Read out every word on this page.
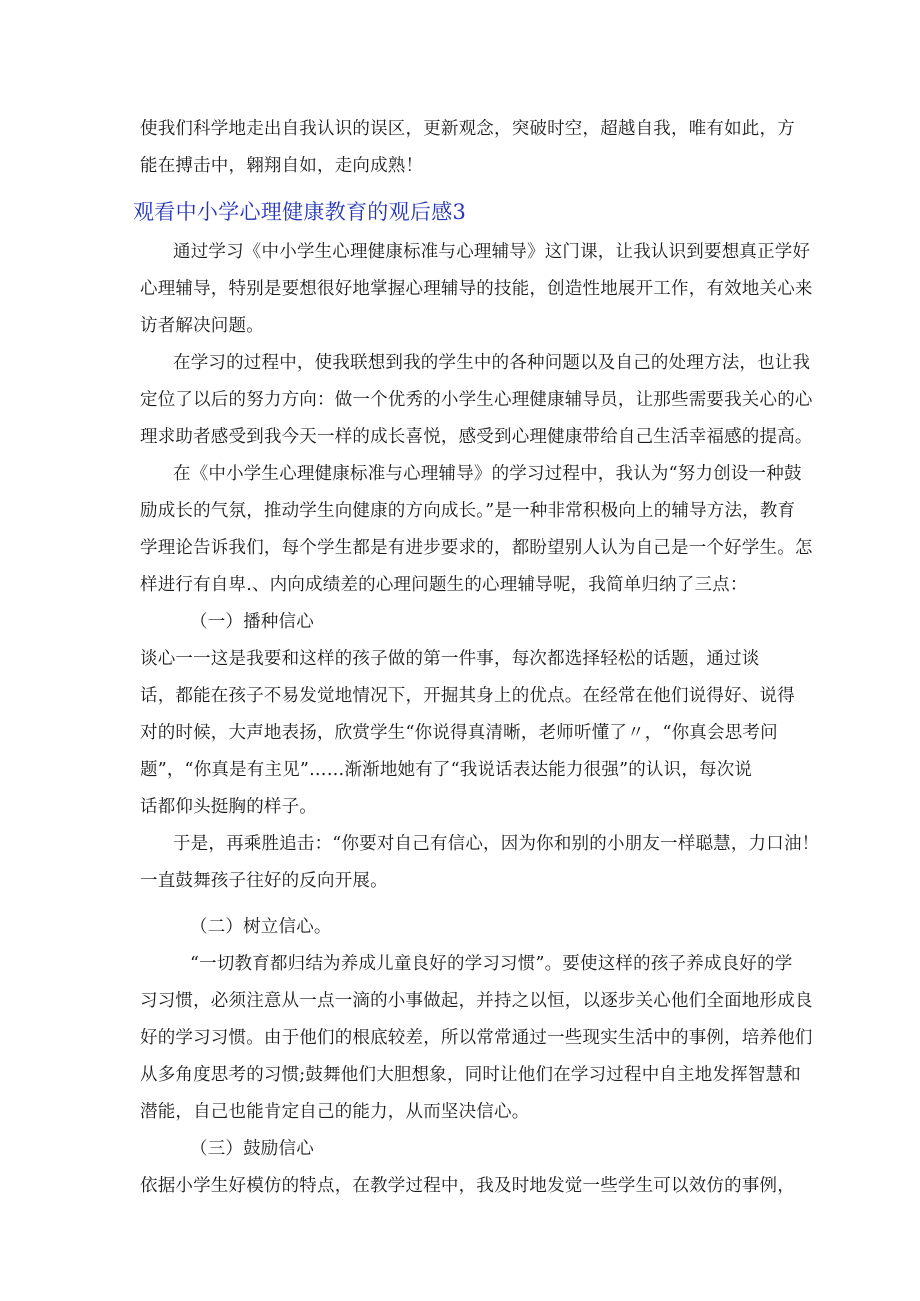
使我们科学地走出自我认识的误区，更新观念，突破时空，超越自我，唯有如此，方
能在搏击中，翱翔自如，走向成熟！
观看中小学心理健康教育的观后感3
通过学习《中小学生心理健康标准与心理辅导》这门课，让我认识到要想真正学好
心理辅导，特别是要想很好地掌握心理辅导的技能，创造性地展开工作，有效地关心来
访者解决问题。
在学习的过程中，使我联想到我的学生中的各种问题以及自己的处理方法，也让我
定位了以后的努力方向：做一个优秀的小学生心理健康辅导员，让那些需要我关心的心
理求助者感受到我今天一样的成长喜悦，感受到心理健康带给自己生活幸福感的提高。
在《中小学生心理健康标准与心理辅导》的学习过程中，我认为“努力创设一种鼓
励成长的气氛，推动学生向健康的方向成长。”是一种非常积极向上的辅导方法，教育
学理论告诉我们，每个学生都是有进步要求的，都盼望别人认为自己是一个好学生。怎
样进行有自卑.、内向成绩差的心理问题生的心理辅导呢，我简单归纳了三点：
（一）播种信心
谈心一一这是我要和这样的孩子做的第一件事，每次都选择轻松的话题，通过谈
话，都能在孩子不易发觉地情况下，开掘其身上的优点。在经常在他们说得好、说得
对的时候，大声地表扬，欣赏学生“你说得真清晰，老师听懂了〃，“你真会思考问
题”，“你真是有主见”……渐渐地她有了“我说话表达能力很强”的认识，每次说
话都仰头挺胸的样子。
于是，再乘胜追击：“你要对自己有信心，因为你和别的小朋友一样聪慧，力口油！
一直鼓舞孩子往好的反向开展。
（二）树立信心。
“一切教育都归结为养成儿童良好的学习习惯”。要使这样的孩子养成良好的学
习习惯，必须注意从一点一滴的小事做起，并持之以恒，以逐步关心他们全面地形成良
好的学习习惯。由于他们的根底较差，所以常常通过一些现实生活中的事例，培养他们
从多角度思考的习惯;鼓舞他们大胆想象，同时让他们在学习过程中自主地发挥智慧和
潜能，自己也能肯定自己的能力，从而坚决信心。
（三）鼓励信心
依据小学生好模仿的特点，在教学过程中，我及时地发觉一些学生可以效仿的事例，
